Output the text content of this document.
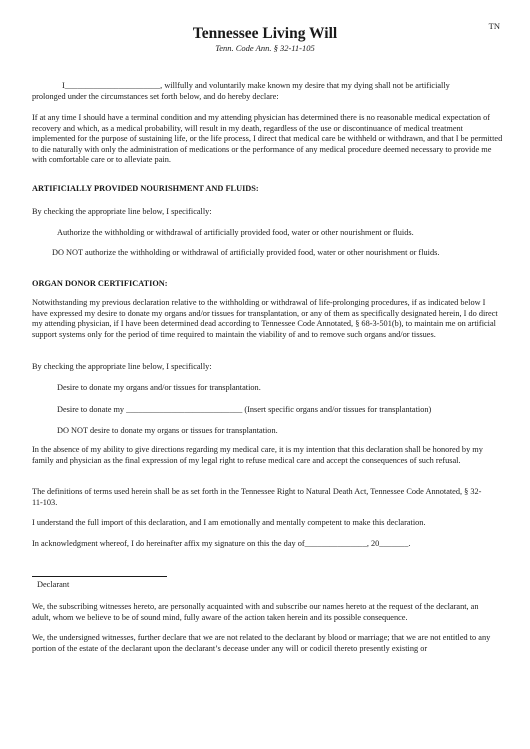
TN
Tennessee Living Will
Tenn. Code Ann. § 32-11-105
I_______________________, willfully and voluntarily make known my desire that my dying shall not be artificially
prolonged under the circumstances set forth below, and do hereby declare:

If at any time I should have a terminal condition and my attending physician has determined there is no reasonable medical expectation of recovery and which, as a medical probability, will result in my death, regardless of the use or discontinuance of medical treatment implemented for the purpose of sustaining life, or the life process, I direct that medical care be withheld or withdrawn, and that I be permitted to die naturally with only the administration of medications or the performance of any medical procedure deemed necessary to provide me with comfortable care or to alleviate pain.

ARTIFICIALLY PROVIDED NOURISHMENT AND FLUIDS:
By checking the appropriate line below, I specifically:
Authorize the withholding or withdrawal of artificially provided food, water or other nourishment or fluids.
DO NOT authorize the withholding or withdrawal of artificially provided food, water or other nourishment or fluids.
ORGAN DONOR CERTIFICATION:

Notwithstanding my previous declaration relative to the withholding or withdrawal of life-prolonging procedures, if as indicated below I have expressed my desire to donate my organs and/or tissues for transplantation, or any of them as specifically designated herein, I do direct my attending physician, if I have been determined dead according to Tennessee Code Annotated, § 68-3-501(b), to maintain me on artificial support systems only for the period of time required to maintain the viability of and to remove such organs and/or tissues.

By checking the appropriate line below, I specifically:
Desire to donate my organs and/or tissues for transplantation.
Desire to donate my ____________________________ (Insert specific organs and/or tissues for transplantation)
DO NOT desire to donate my organs or tissues for transplantation.

In the absence of my ability to give directions regarding my medical care, it is my intention that this declaration shall be honored by my family and physician as the final expression of my legal right to refuse medical care and accept the consequences of such refusal.

The definitions of terms used herein shall be as set forth in the Tennessee Right to Natural Death Act, Tennessee Code Annotated, § 32-11-103.

I understand the full import of this declaration, and I am emotionally and mentally competent to make this declaration.
In acknowledgment whereof, I do hereinafter affix my signature on this the day of_______________, 20_______.
Declarant

We, the subscribing witnesses hereto, are personally acquainted with and subscribe our names hereto at the request of the declarant, an adult, whom we believe to be of sound mind, fully aware of the action taken herein and its possible consequence.

We, the undersigned witnesses, further declare that we are not related to the declarant by blood or marriage; that we are not entitled to any portion of the estate of the declarant upon the declarant’s decease under any will or codicil thereto presently existing or
